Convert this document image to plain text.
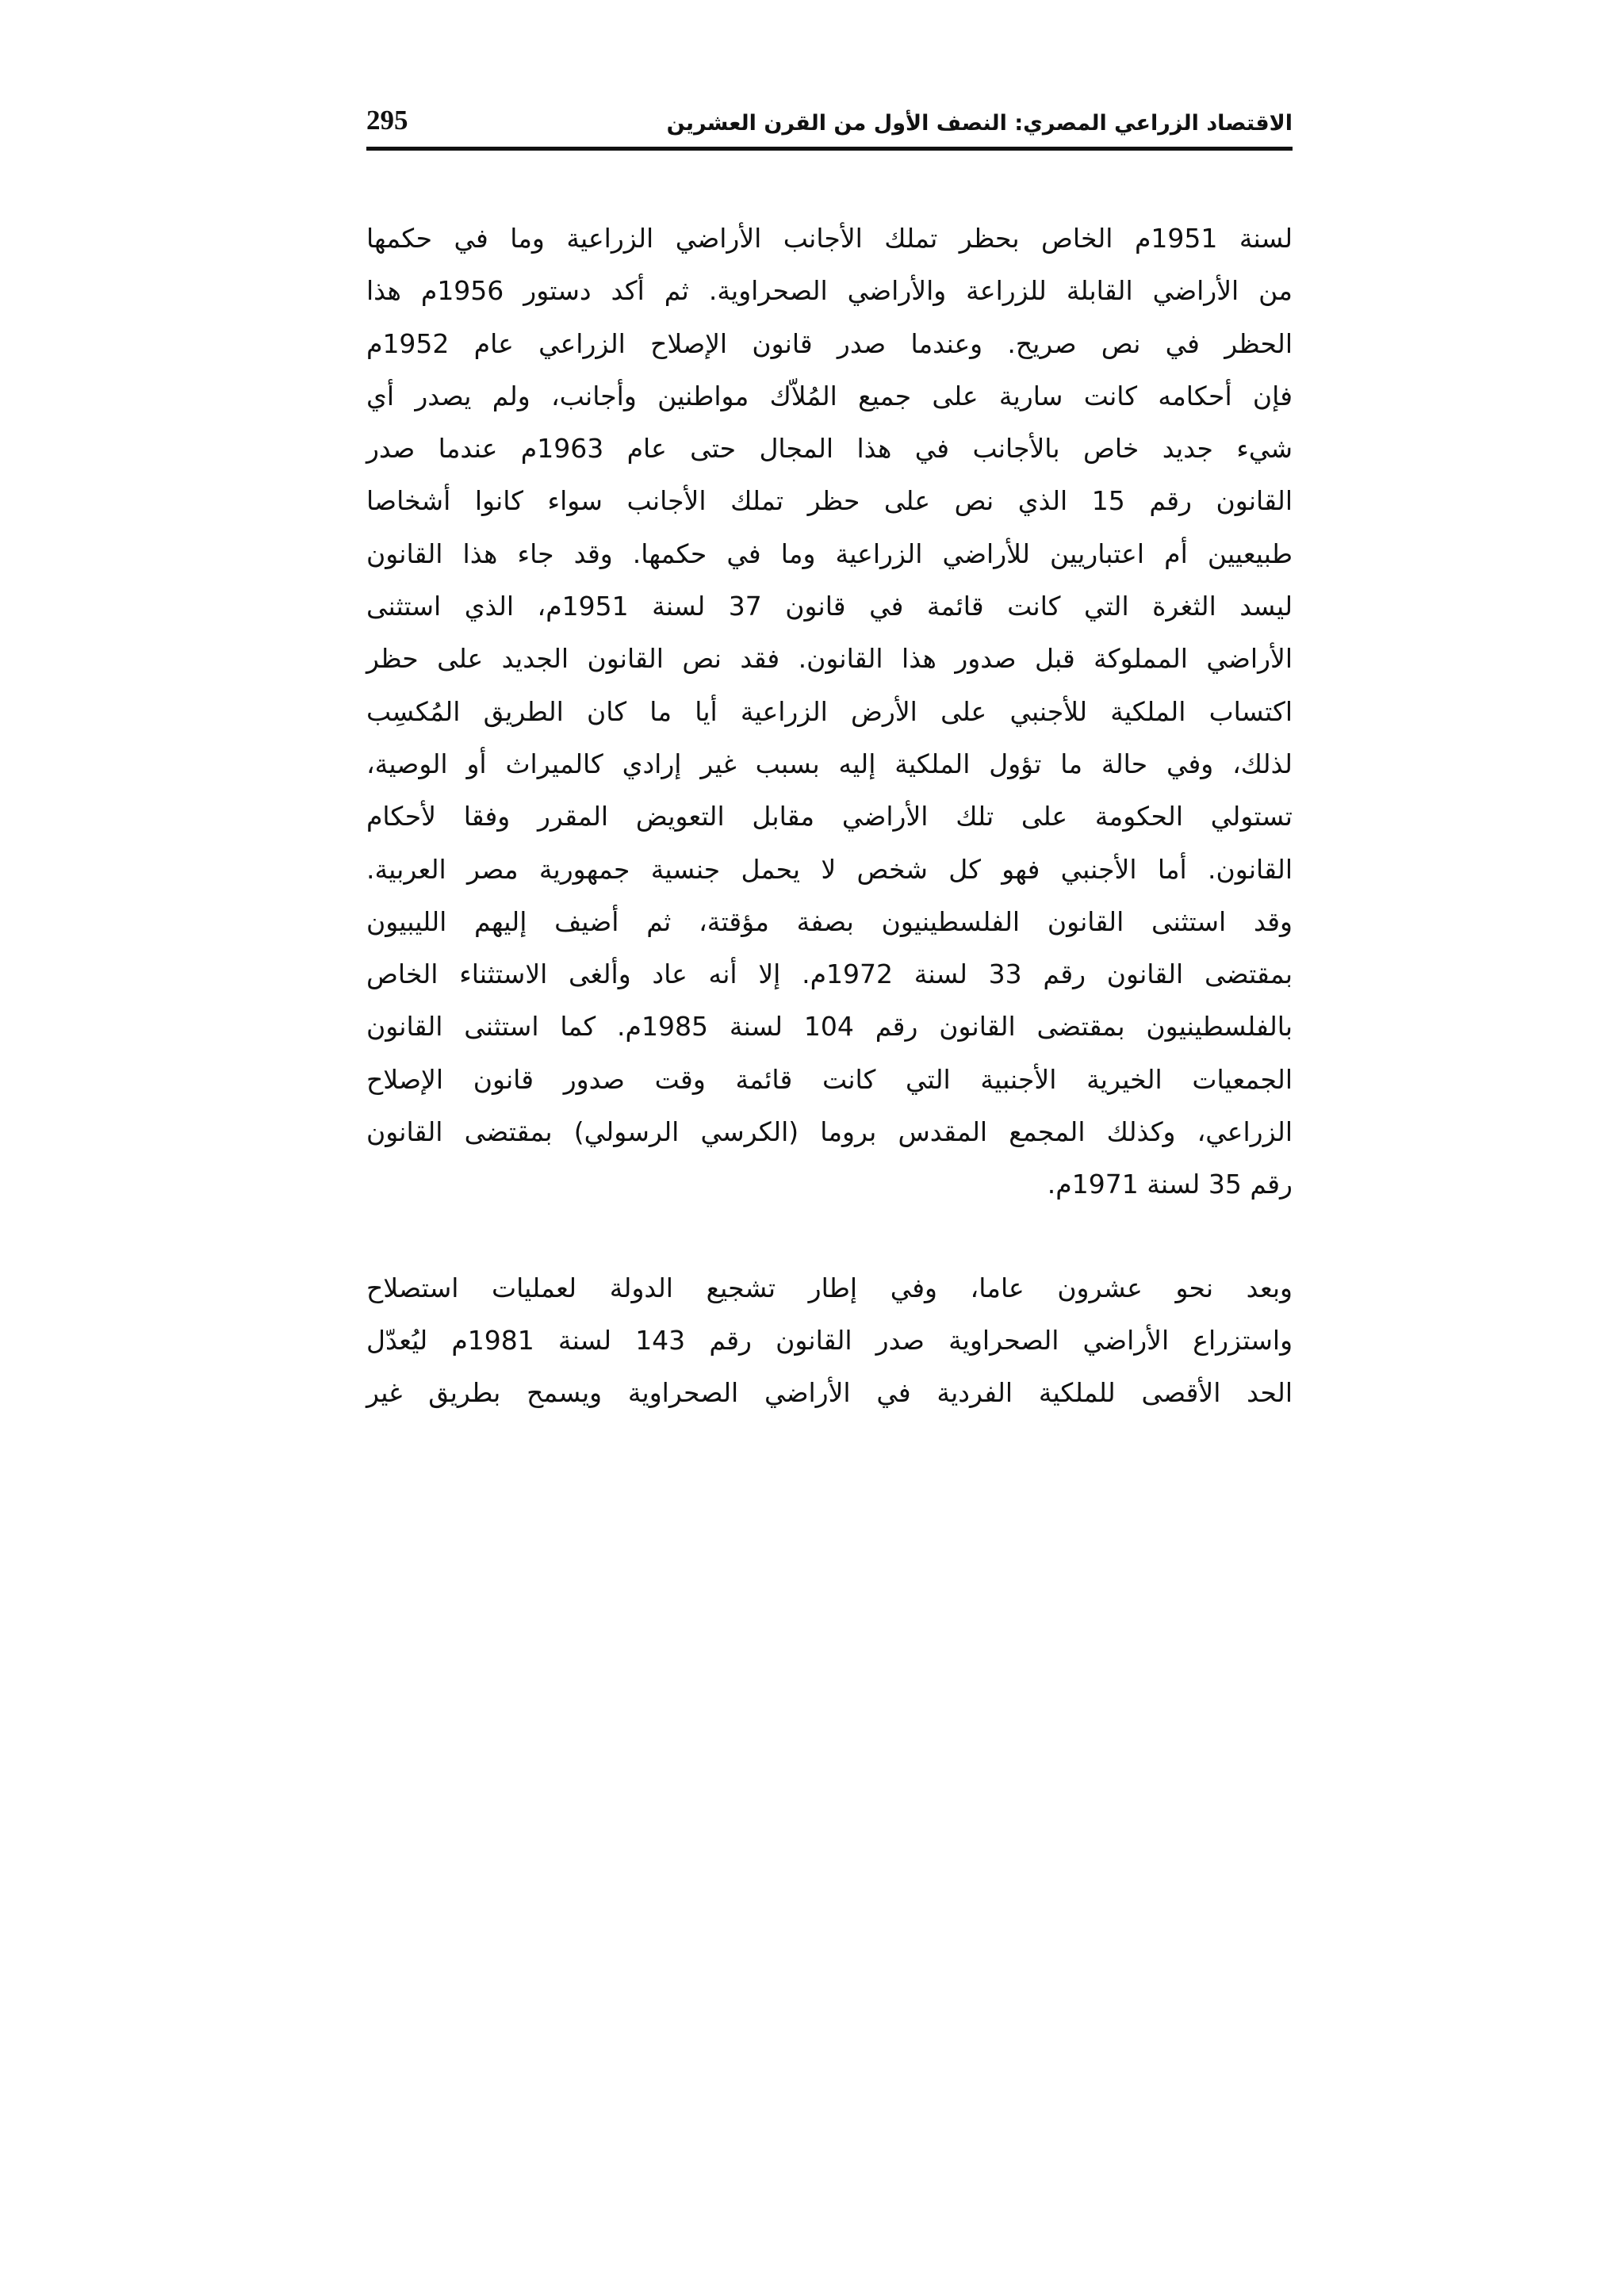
الاقتصاد الزراعي المصري: النصف الأول من القرن العشرين
295

لسنة 1951م الخاص بحظر تملك الأجانب الأراضي الزراعية وما في حكمها
من الأراضي القابلة للزراعة والأراضي الصحراوية. ثم أكد دستور 1956م هذا
الحظر في نص صريح. وعندما صدر قانون الإصلاح الزراعي عام 1952م
فإن أحكامه كانت سارية على جميع المُلاّك مواطنين وأجانب، ولم يصدر أي
شيء جديد خاص بالأجانب في هذا المجال حتى عام 1963م عندما صدر
القانون رقم 15 الذي نص على حظر تملك الأجانب سواء كانوا أشخاصا
طبيعيين أم اعتباريين للأراضي الزراعية وما في حكمها. وقد جاء هذا القانون
ليسد الثغرة التي كانت قائمة في قانون 37 لسنة 1951م، الذي استثنى
الأراضي المملوكة قبل صدور هذا القانون. فقد نص القانون الجديد على حظر
اكتساب الملكية للأجنبي على الأرض الزراعية أيا ما كان الطريق المُكسِب
لذلك، وفي حالة ما تؤول الملكية إليه بسبب غير إرادي كالميراث أو الوصية،
تستولي الحكومة على تلك الأراضي مقابل التعويض المقرر وفقا لأحكام
القانون. أما الأجنبي فهو كل شخص لا يحمل جنسية جمهورية مصر العربية.
وقد استثنى القانون الفلسطينيون بصفة مؤقتة، ثم أضيف إليهم الليبيون
بمقتضى القانون رقم 33 لسنة 1972م. إلا أنه عاد وألغى الاستثناء الخاص
بالفلسطينيون بمقتضى القانون رقم 104 لسنة 1985م. كما استثنى القانون
الجمعيات الخيرية الأجنبية التي كانت قائمة وقت صدور قانون الإصلاح
الزراعي، وكذلك المجمع المقدس بروما (الكرسي الرسولي) بمقتضى القانون
رقم 35 لسنة 1971م.

وبعد نحو عشرون عاما، وفي إطار تشجيع الدولة لعمليات استصلاح
واستزراع الأراضي الصحراوية صدر القانون رقم 143 لسنة 1981م ليُعدّل
الحد الأقصى للملكية الفردية في الأراضي الصحراوية ويسمح بطريق غير
